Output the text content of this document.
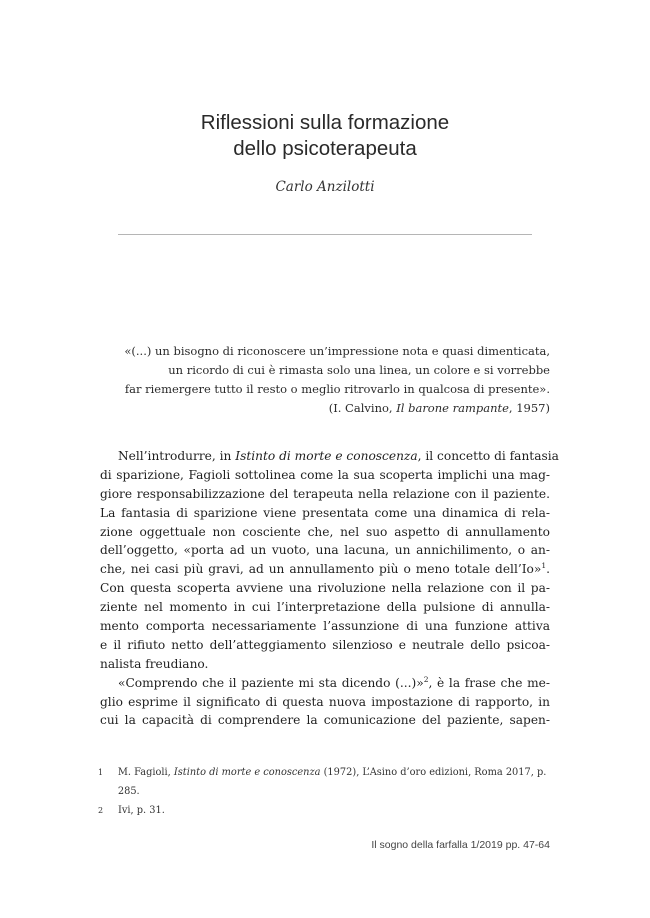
Riflessioni sulla formazione
dello psicoterapeuta
Carlo Anzilotti
«(...) un bisogno di riconoscere un’impressione nota e quasi dimenticata,
un ricordo di cui è rimasta solo una linea, un colore e si vorrebbe
far riemergere tutto il resto o meglio ritrovarlo in qualcosa di presente».
(I. Calvino, Il barone rampante, 1957)
Nell’introdurre, in Istinto di morte e conoscenza, il concetto di fantasia
di sparizione, Fagioli sottolinea come la sua scoperta implichi una mag-
giore responsabilizzazione del terapeuta nella relazione con il paziente.
La fantasia di sparizione viene presentata come una dinamica di rela-
zione oggettuale non cosciente che, nel suo aspetto di annullamento
dell’oggetto, «porta ad un vuoto, una lacuna, un annichilimento, o an-
che, nei casi più gravi, ad un annullamento più o meno totale dell’Io»$^1$.
Con questa scoperta avviene una rivoluzione nella relazione con il pa-
ziente nel momento in cui l’interpretazione della pulsione di annulla-
mento comporta necessariamente l’assunzione di una funzione attiva
e il rifiuto netto dell’atteggiamento silenzioso e neutrale dello psicoa-
nalista freudiano.
«Comprendo che il paziente mi sta dicendo (...)»$^2$, è la frase che me-
glio esprime il significato di questa nuova impostazione di rapporto, in
cui la capacità di comprendere la comunicazione del paziente, sapen-
1	M. Fagioli, Istinto di morte e conoscenza (1972), L’Asino d’oro edizioni, Roma 2017, p. 285.
2	Ivi, p. 31.
Il sogno della farfalla 1/2019 pp. 47-64
